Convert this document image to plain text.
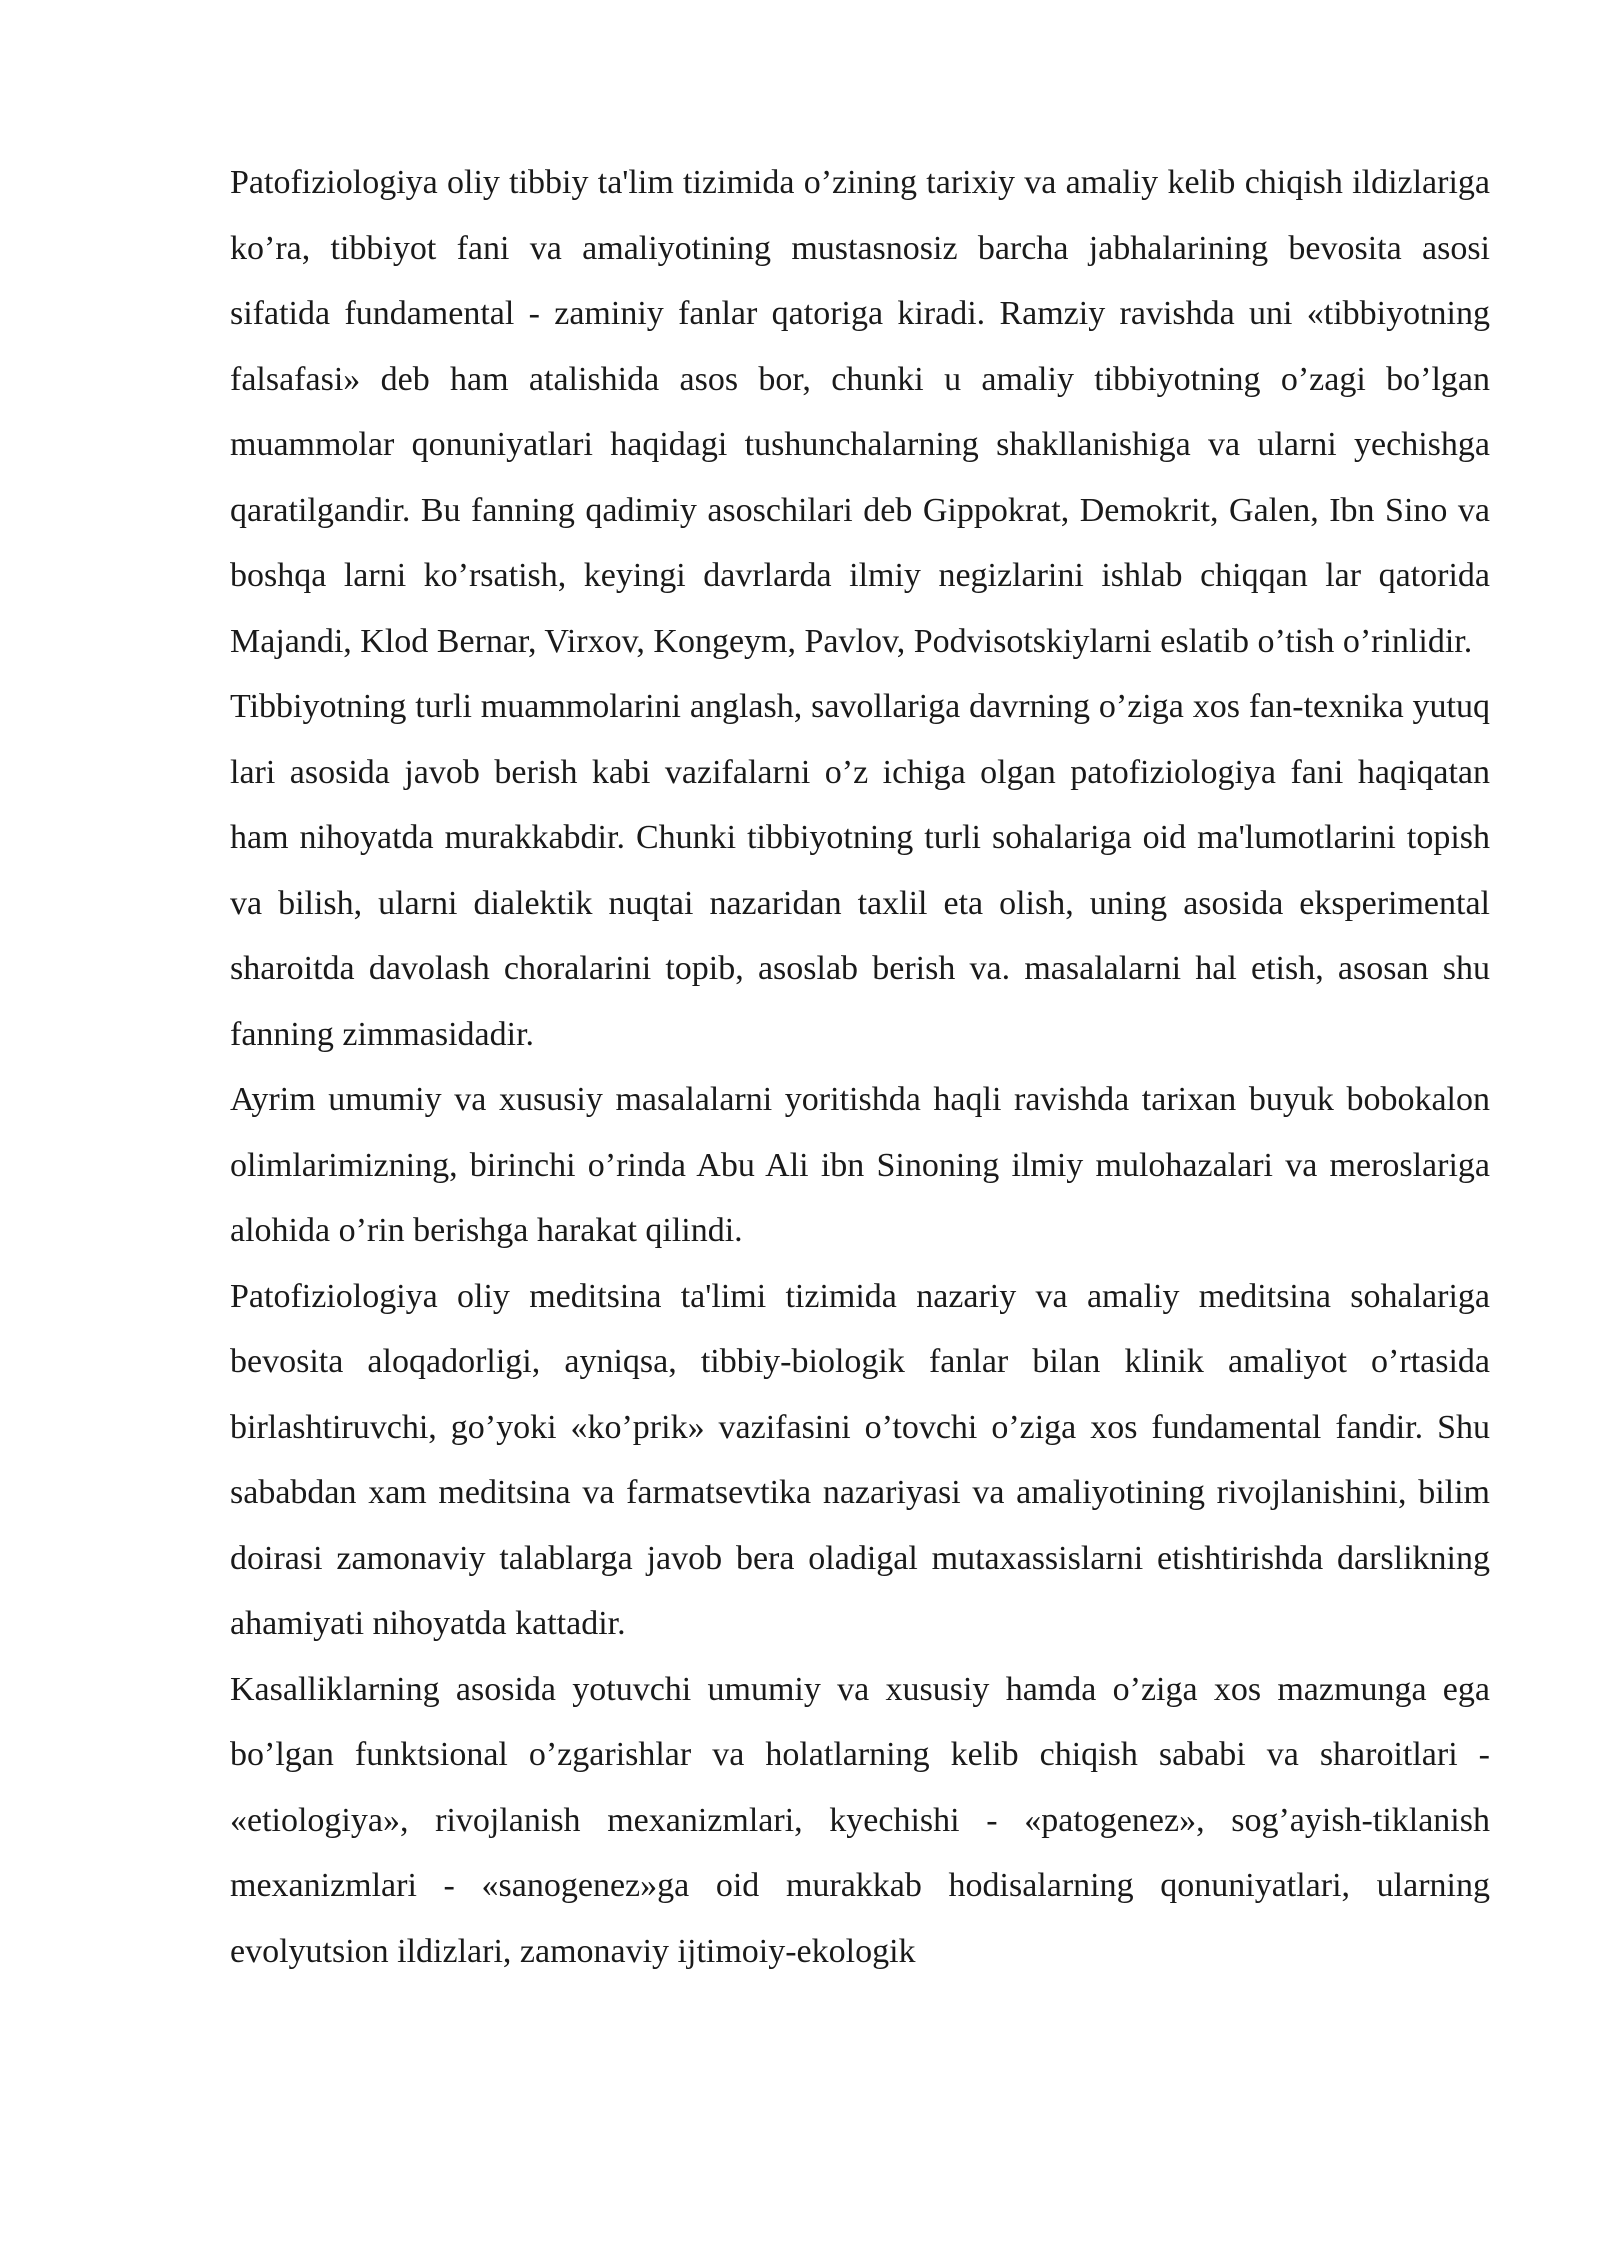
Patofiziologiya oliy tibbiy ta'lim tizimida o’zining tarixiy va amaliy kelib chiqish ildizlariga ko’ra, tibbiyot fani va amaliyotining mustasnosiz barcha jabhalarining bevosita asosi sifatida fundamental - zaminiy fanlar qatoriga kiradi. Ramziy ravishda uni «tibbiyotning falsafasi» deb ham atalishida asos bor, chunki u amaliy tibbiyotning o’zagi bo’lgan muammolar qonuniyatlari haqidagi tushunchalarning shakllanishiga va ularni yechishga qaratilgandir. Bu fanning qadimiy asoschilari deb Gippokrat, Demokrit, Galen, Ibn Sino va boshqa larni ko’rsatish, keyingi davrlarda ilmiy negizlarini ishlab chiqqan lar qatorida Majandi, Klod Bernar, Virxov, Kongeym, Pavlov, Podvisotskiylarni eslatib o’tish o’rinlidir.

Tibbiyotning turli muammolarini anglash, savollariga davrning o’ziga xos fan-texnika yutuq lari asosida javob berish kabi vazifalarni o’z ichiga olgan patofiziologiya fani haqiqatan ham nihoyatda murakkabdir. Chunki tibbiyotning turli sohalariga oid ma'lumotlarini topish va bilish, ularni dialektik nuqtai nazaridan taxlil eta olish, uning asosida eksperimental sharoitda davolash choralarini topib, asoslab berish va. masalalarni hal etish, asosan shu fanning zimmasidadir.

Ayrim umumiy va xususiy masalalarni yoritishda haqli ravishda tarixan buyuk bobokalon olimlarimizning, birinchi o’rinda Abu Ali ibn Sinoning ilmiy mulohazalari va meroslariga alohida o’rin berishga harakat qilindi.

Patofiziologiya oliy meditsina ta'limi tizimida nazariy va amaliy meditsina sohalariga bevosita aloqadorligi, ayniqsa, tibbiy-biologik fanlar bilan klinik amaliyot o’rtasida birlashtiruvchi, go’yoki «ko’prik» vazifasini o’tovchi o’ziga xos fundamental fandir. Shu sababdan xam meditsina va farmatsevtika nazariyasi va amaliyotining rivojlanishini, bilim doirasi zamonaviy talablarga javob bera oladigal mutaxassislarni etishtirishda darslikning ahamiyati nihoyatda kattadir.

Kasalliklarning asosida yotuvchi umumiy va xususiy hamda o’ziga xos mazmunga ega bo’lgan funktsional o’zgarishlar va holatlarning kelib chiqish sababi va sharoitlari - «etiologiya», rivojlanish mexanizmlari, kyechishi - «patogenez», sog’ayish-tiklanish mexanizmlari - «sanogenez»ga oid murakkab hodisalarning qonuniyatlari, ularning evolyutsion ildizlari, zamonaviy ijtimoiy-ekologik
